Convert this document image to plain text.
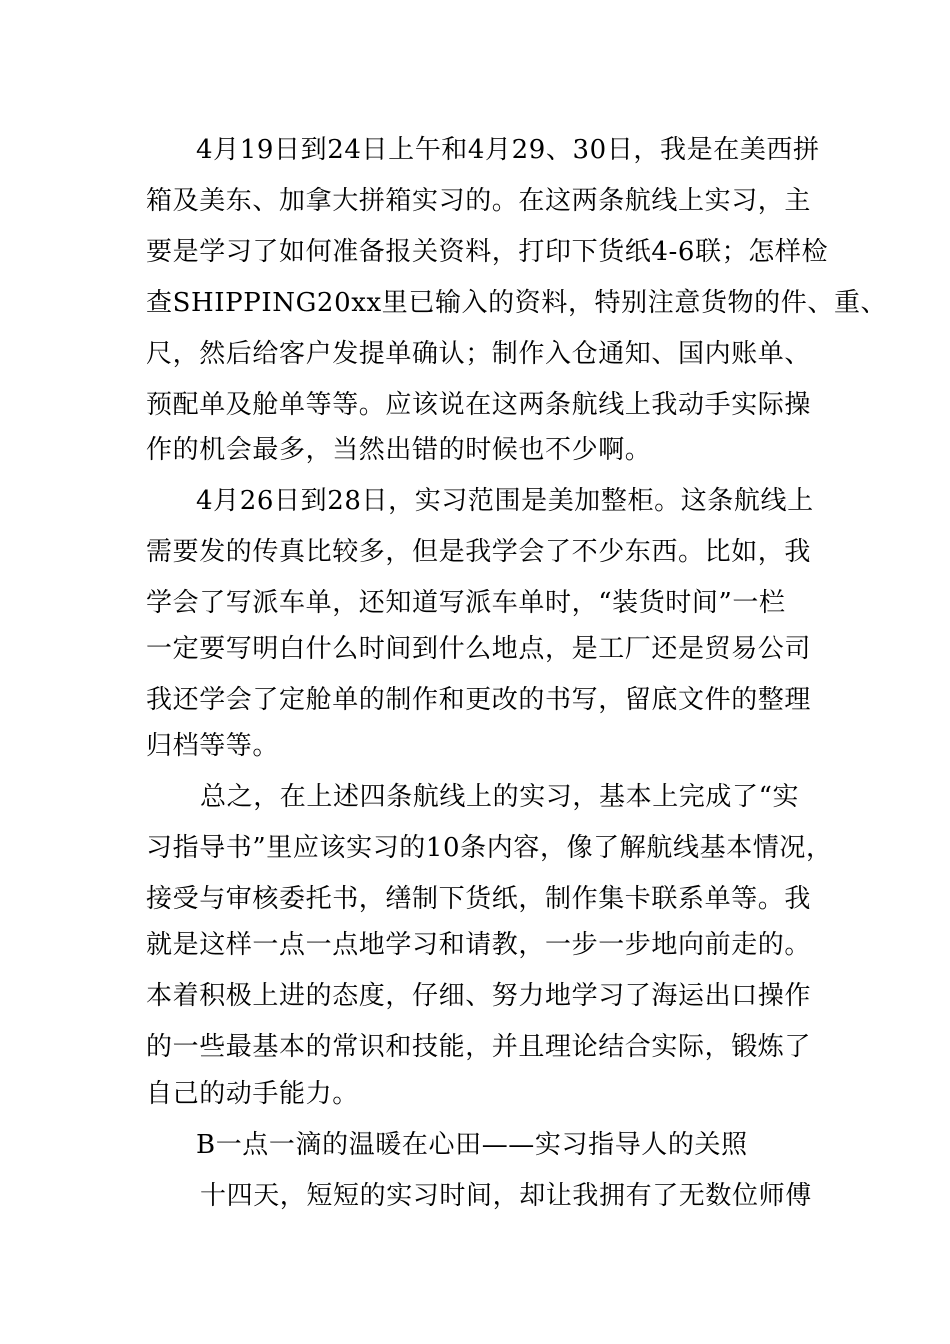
4月19日到24日上午和4月29、30日，我是在美西拼
箱及美东、加拿大拼箱实习的。在这两条航线上实习，主
要是学习了如何准备报关资料，打印下货纸4-6联；怎样检
查SHIPPING20xx里已输入的资料，特别注意货物的件、重、
尺，然后给客户发提单确认；制作入仓通知、国内账单、
预配单及舱单等等。应该说在这两条航线上我动手实际操
作的机会最多，当然出错的时候也不少啊。
4月26日到28日，实习范围是美加整柜。这条航线上
需要发的传真比较多，但是我学会了不少东西。比如，我
学会了写派车单，还知道写派车单时，“装货时间”一栏
一定要写明白什么时间到什么地点，是工厂还是贸易公司
我还学会了定舱单的制作和更改的书写，留底文件的整理
归档等等。
总之，在上述四条航线上的实习，基本上完成了“实
习指导书”里应该实习的10条内容，像了解航线基本情况，
接受与审核委托书，缮制下货纸，制作集卡联系单等。我
就是这样一点一点地学习和请教，一步一步地向前走的。
本着积极上进的态度，仔细、努力地学习了海运出口操作
的一些最基本的常识和技能，并且理论结合实际，锻炼了
自己的动手能力。
B一点一滴的温暖在心田——实习指导人的关照
十四天，短短的实习时间，却让我拥有了无数位师傅
